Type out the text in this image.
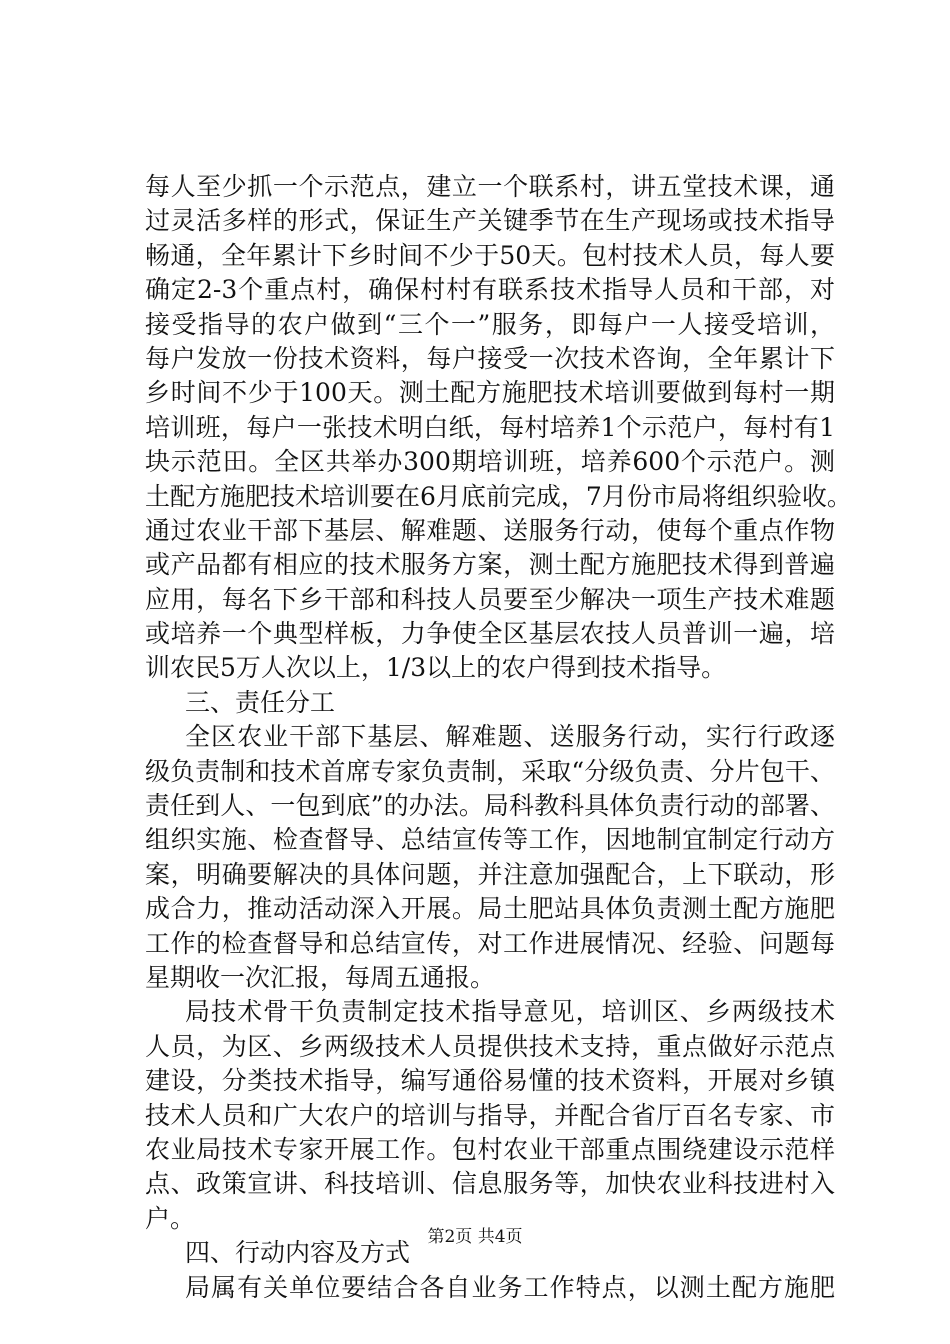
每人至少抓一个示范点，建立一个联系村，讲五堂技术课，通
过灵活多样的形式，保证生产关键季节在生产现场或技术指导
畅通，全年累计下乡时间不少于50天。包村技术人员，每人要
确定2-3个重点村，确保村村有联系技术指导人员和干部，对
接受指导的农户做到“三个一”服务，即每户一人接受培训，
每户发放一份技术资料，每户接受一次技术咨询，全年累计下
乡时间不少于100天。测土配方施肥技术培训要做到每村一期
培训班，每户一张技术明白纸，每村培养1个示范户，每村有1
块示范田。全区共举办300期培训班，培养600个示范户。测
土配方施肥技术培训要在6月底前完成，7月份市局将组织验收。
通过农业干部下基层、解难题、送服务行动，使每个重点作物
或产品都有相应的技术服务方案，测土配方施肥技术得到普遍
应用，每名下乡干部和科技人员要至少解决一项生产技术难题
或培养一个典型样板，力争使全区基层农技人员普训一遍，培
训农民5万人次以上，1/3以上的农户得到技术指导。
三、责任分工
全区农业干部下基层、解难题、送服务行动，实行行政逐
级负责制和技术首席专家负责制，采取“分级负责、分片包干、
责任到人、一包到底”的办法。局科教科具体负责行动的部署、
组织实施、检查督导、总结宣传等工作，因地制宜制定行动方
案，明确要解决的具体问题，并注意加强配合，上下联动，形
成合力，推动活动深入开展。局土肥站具体负责测土配方施肥
工作的检查督导和总结宣传，对工作进展情况、经验、问题每
星期收一次汇报，每周五通报。
局技术骨干负责制定技术指导意见，培训区、乡两级技术
人员，为区、乡两级技术人员提供技术支持，重点做好示范点
建设，分类技术指导，编写通俗易懂的技术资料，开展对乡镇
技术人员和广大农户的培训与指导，并配合省厅百名专家、市
农业局技术专家开展工作。包村农业干部重点围绕建设示范样
点、政策宣讲、科技培训、信息服务等，加快农业科技进村入
户。
四、行动内容及方式
局属有关单位要结合各自业务工作特点，以测土配方施肥
第2页 共4页
